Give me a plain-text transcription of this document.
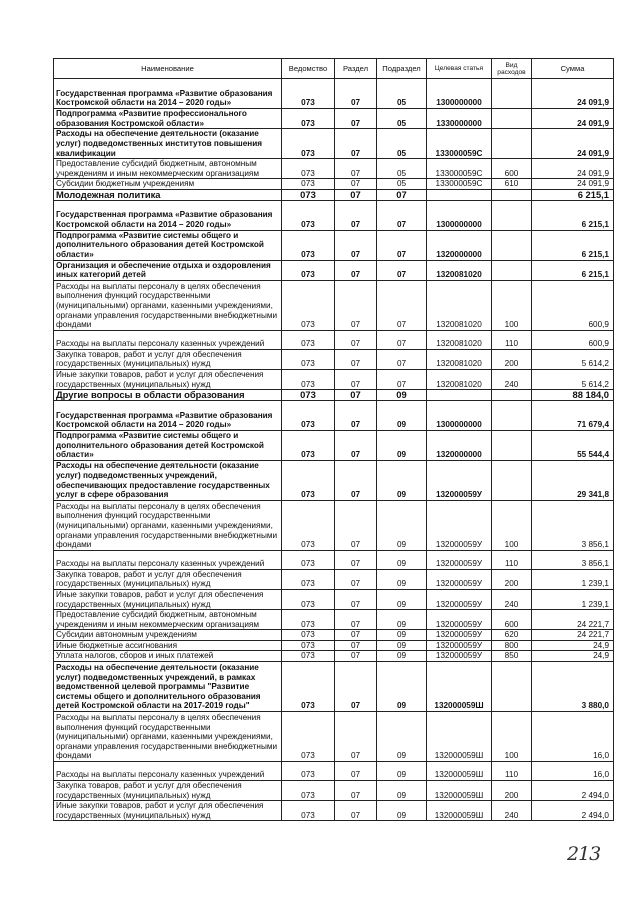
Наименование	Ведомство	Раздел	Подраздел	Целевая статья	Вид расходов	Сумма
Государственная программа «Развитие образования Костромской области на 2014 – 2020 годы»	073	07	05	1300000000		24 091,9
Подпрограмма «Развитие профессионального образования Костромской области»	073	07	05	1330000000		24 091,9
Расходы на обеспечение деятельности (оказание услуг) подведомственных институтов повышения квалификации	073	07	05	133000059С		24 091,9
Предоставление субсидий бюджетным, автономным учреждениям и иным некоммерческим организациям	073	07	05	133000059С	600	24 091,9
Субсидии бюджетным учреждениям	073	07	05	133000059С	610	24 091,9
Молодежная политика	073	07	07			6 215,1
Государственная программа «Развитие образования Костромской области на 2014 – 2020 годы»	073	07	07	1300000000		6 215,1
Подпрограмма «Развитие системы общего и дополнительного образования детей Костромской области»	073	07	07	1320000000		6 215,1
Организация и обеспечение отдыха и оздоровления иных категорий детей	073	07	07	1320081020		6 215,1
Расходы на выплаты персоналу в целях обеспечения выполнения функций государственными (муниципальными) органами, казенными учреждениями, органами управления государственными внебюджетными фондами	073	07	07	1320081020	100	600,9
Расходы на выплаты персоналу казенных учреждений	073	07	07	1320081020	110	600,9
Закупка товаров, работ и услуг для обеспечения государственных (муниципальных) нужд	073	07	07	1320081020	200	5 614,2
Иные закупки товаров, работ и услуг для обеспечения государственных (муниципальных) нужд	073	07	07	1320081020	240	5 614,2
Другие вопросы в области образования	073	07	09			88 184,0
Государственная программа «Развитие образования Костромской области на 2014 – 2020 годы»	073	07	09	1300000000		71 679,4
Подпрограмма «Развитие системы общего и дополнительного образования детей Костромской области»	073	07	09	1320000000		55 544,4
Расходы на обеспечение деятельности (оказание услуг) подведомственных учреждений, обеспечивающих предоставление государственных услуг в сфере образования	073	07	09	132000059У		29 341,8
Расходы на выплаты персоналу в целях обеспечения выполнения функций государственными (муниципальными) органами, казенными учреждениями, органами управления государственными внебюджетными фондами	073	07	09	132000059У	100	3 856,1
Расходы на выплаты персоналу казенных учреждений	073	07	09	132000059У	110	3 856,1
Закупка товаров, работ и услуг для обеспечения государственных (муниципальных) нужд	073	07	09	132000059У	200	1 239,1
Иные закупки товаров, работ и услуг для обеспечения государственных (муниципальных) нужд	073	07	09	132000059У	240	1 239,1
Предоставление субсидий бюджетным, автономным учреждениям и иным некоммерческим организациям	073	07	09	132000059У	600	24 221,7
Субсидии автономным учреждениям	073	07	09	132000059У	620	24 221,7
Иные бюджетные ассигнования	073	07	09	132000059У	800	24,9
Уплата налогов, сборов и иных платежей	073	07	09	132000059У	850	24,9
Расходы на обеспечение деятельности (оказание услуг) подведомственных учреждений, в рамках ведомственной целевой программы "Развитие системы общего и дополнительного образования детей Костромской области на 2017-2019 годы"	073	07	09	132000059Ш		3 880,0
Расходы на выплаты персоналу в целях обеспечения выполнения функций государственными (муниципальными) органами, казенными учреждениями, органами управления государственными внебюджетными фондами	073	07	09	132000059Ш	100	16,0
Расходы на выплаты персоналу казенных учреждений	073	07	09	132000059Ш	110	16,0
Закупка товаров, работ и услуг для обеспечения государственных (муниципальных) нужд	073	07	09	132000059Ш	200	2 494,0
Иные закупки товаров, работ и услуг для обеспечения государственных (муниципальных) нужд	073	07	09	132000059Ш	240	2 494,0
213
